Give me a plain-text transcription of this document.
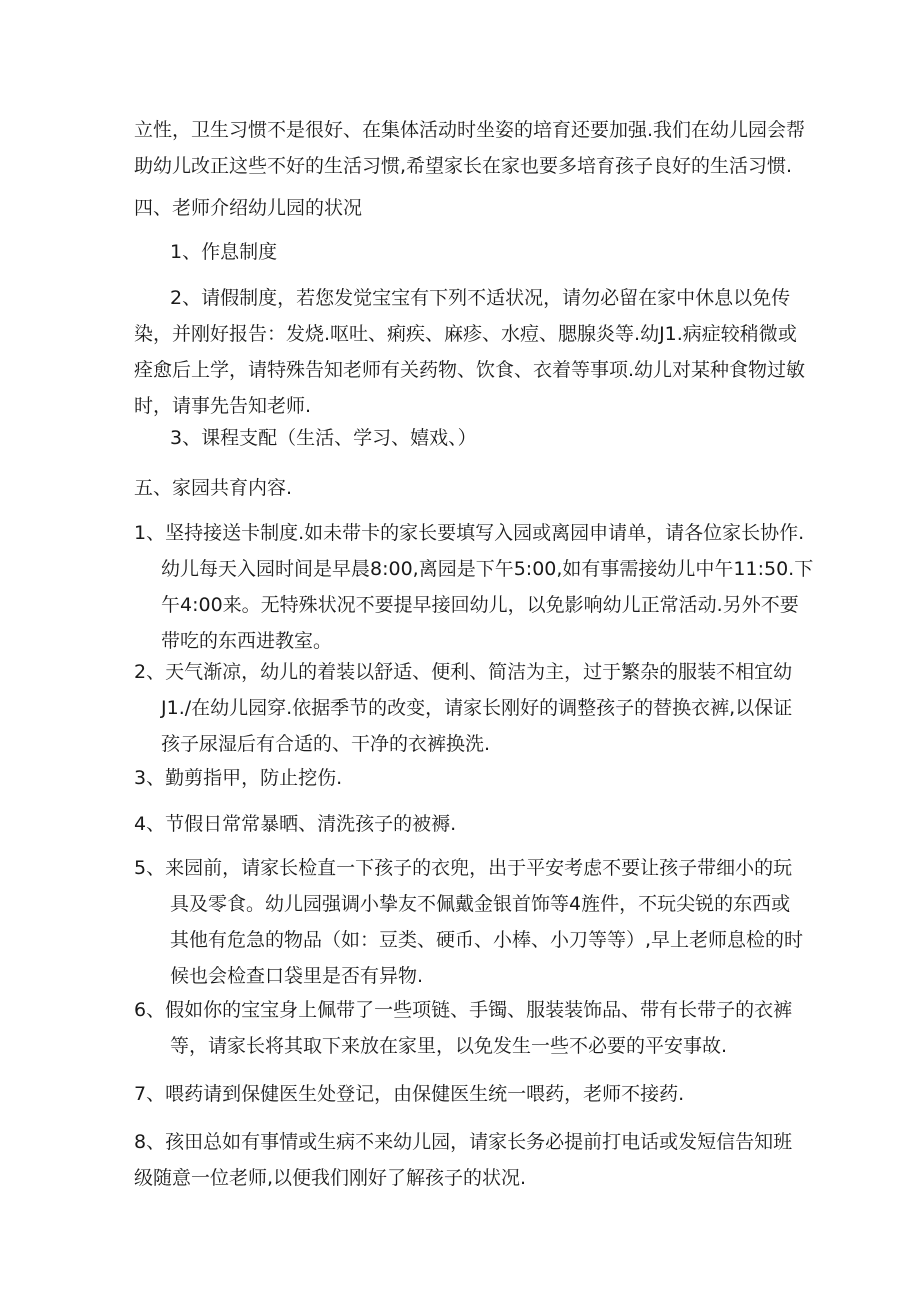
立性，卫生习惯不是很好、在集体活动时坐姿的培育还要加强.我们在幼儿园会帮
助幼儿改正这些不好的生活习惯,希望家长在家也要多培育孩子良好的生活习惯.
四、老师介绍幼儿园的状况
1、作息制度
2、请假制度，若您发觉宝宝有下列不适状况，请勿必留在家中休息以免传
染，并刚好报告：发烧.呕吐、痢疾、麻疹、水痘、腮腺炎等.幼J1.病症较稍微或
痊愈后上学，请特殊告知老师有关药物、饮食、衣着等事项.幼儿对某种食物过敏
时，请事先告知老师.
3、课程支配（生活、学习、嬉戏、）
五、家园共育内容.
1、坚持接送卡制度.如未带卡的家长要填写入园或离园申请单，请各位家长协作.
幼儿每天入园时间是早晨8:00,离园是下午5:00,如有事需接幼儿中午11:50.下
午4:00来。无特殊状况不要提早接回幼儿，以免影响幼儿正常活动.另外不要
带吃的东西进教室。
2、天气渐凉，幼儿的着装以舒适、便利、简洁为主，过于繁杂的服装不相宜幼
J1./在幼儿园穿.依据季节的改变，请家长刚好的调整孩子的替换衣裤,以保证
孩子尿湿后有合适的、干净的衣裤换洗.
3、勤剪指甲，防止挖伤.
4、节假日常常暴晒、清洗孩子的被褥.
5、来园前，请家长检直一下孩子的衣兜，出于平安考虑不要让孩子带细小的玩
具及零食。幼儿园强调小挚友不佩戴金银首饰等4旌件，不玩尖锐的东西或
其他有危急的物品（如：豆类、硬币、小棒、小刀等等）,早上老师息检的时
候也会检查口袋里是否有异物.
6、假如你的宝宝身上佩带了一些项链、手镯、服装装饰品、带有长带子的衣裤
等，请家长将其取下来放在家里，以免发生一些不必要的平安事故.
7、喂药请到保健医生处登记，由保健医生统一喂药，老师不接药.
8、孩田总如有事情或生病不来幼儿园，请家长务必提前打电话或发短信告知班
级随意一位老师,以便我们刚好了解孩子的状况.
